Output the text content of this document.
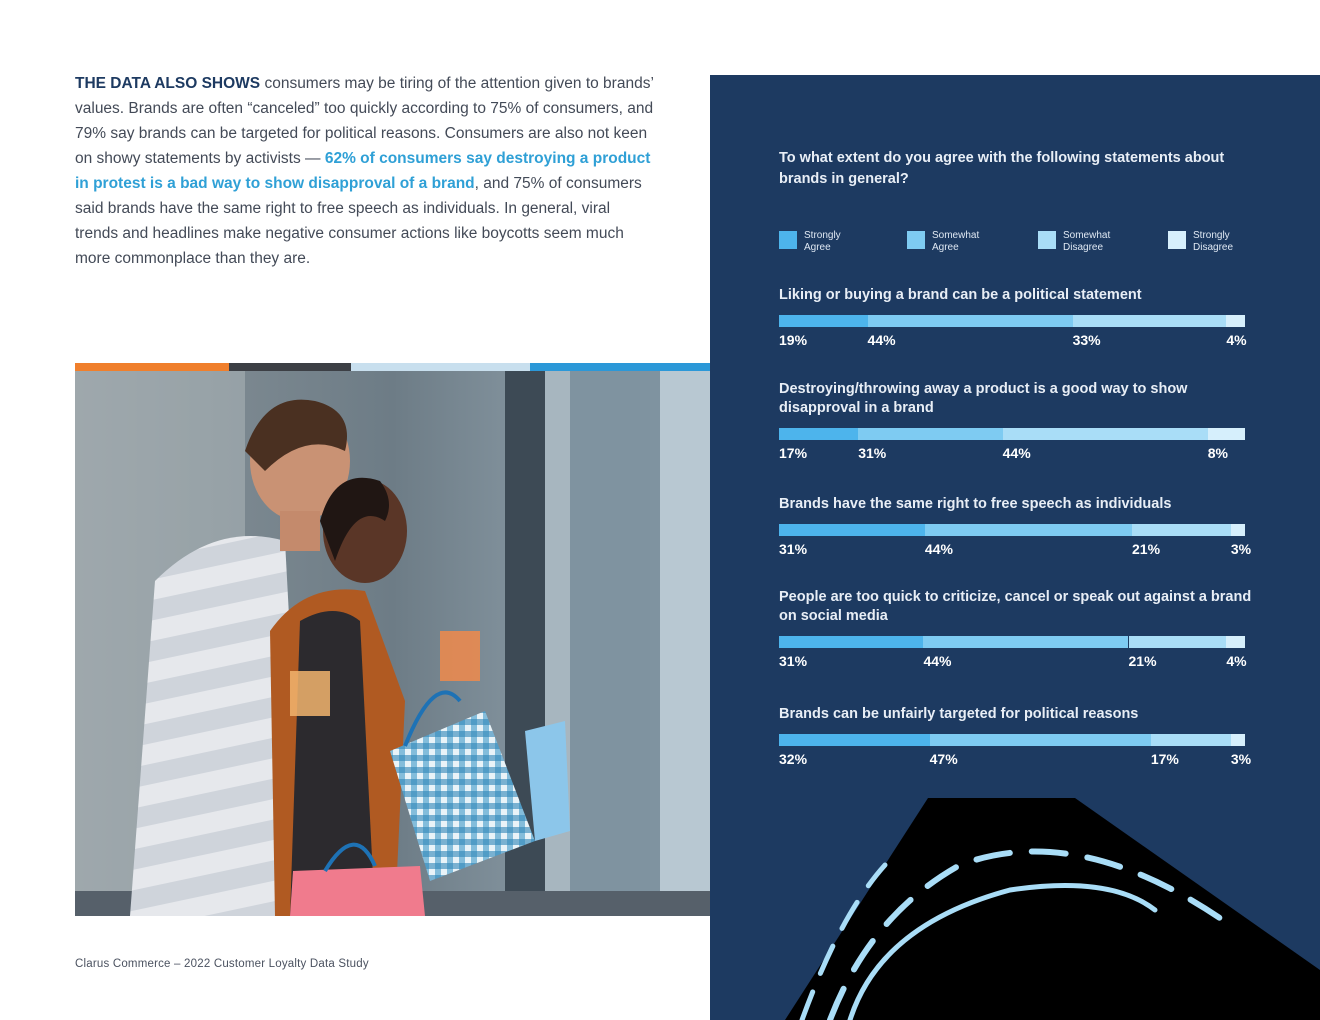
THE DATA ALSO SHOWS consumers may be tiring of the attention given to brands’ values. Brands are often “canceled” too quickly according to 75% of consumers, and 79% say brands can be targeted for political reasons. Consumers are also not keen on showy statements by activists — 62% of consumers say destroying a product in protest is a bad way to show disapproval of a brand, and 75% of consumers said brands have the same right to free speech as individuals. In general, viral trends and headlines make negative consumer actions like boycotts seem much more commonplace than they are.
Clarus Commerce – 2022 Customer Loyalty Data Study
To what extent do you agree with the following statements about brands in general?
Strongly Agree
Somewhat Agree
Somewhat Disagree
Strongly Disagree
Liking or buying a brand can be a political statement
19%	44%	33%	4%
Destroying/throwing away a product is a good way to show disapproval in a brand
17%	31%	44%	8%
Brands have the same right to free speech as individuals
31%	44%	21%	3%
People are too quick to criticize, cancel or speak out against a brand on social media
31%	44%	21%	4%
Brands can be unfairly targeted for political reasons
32%	47%	17%	3%
